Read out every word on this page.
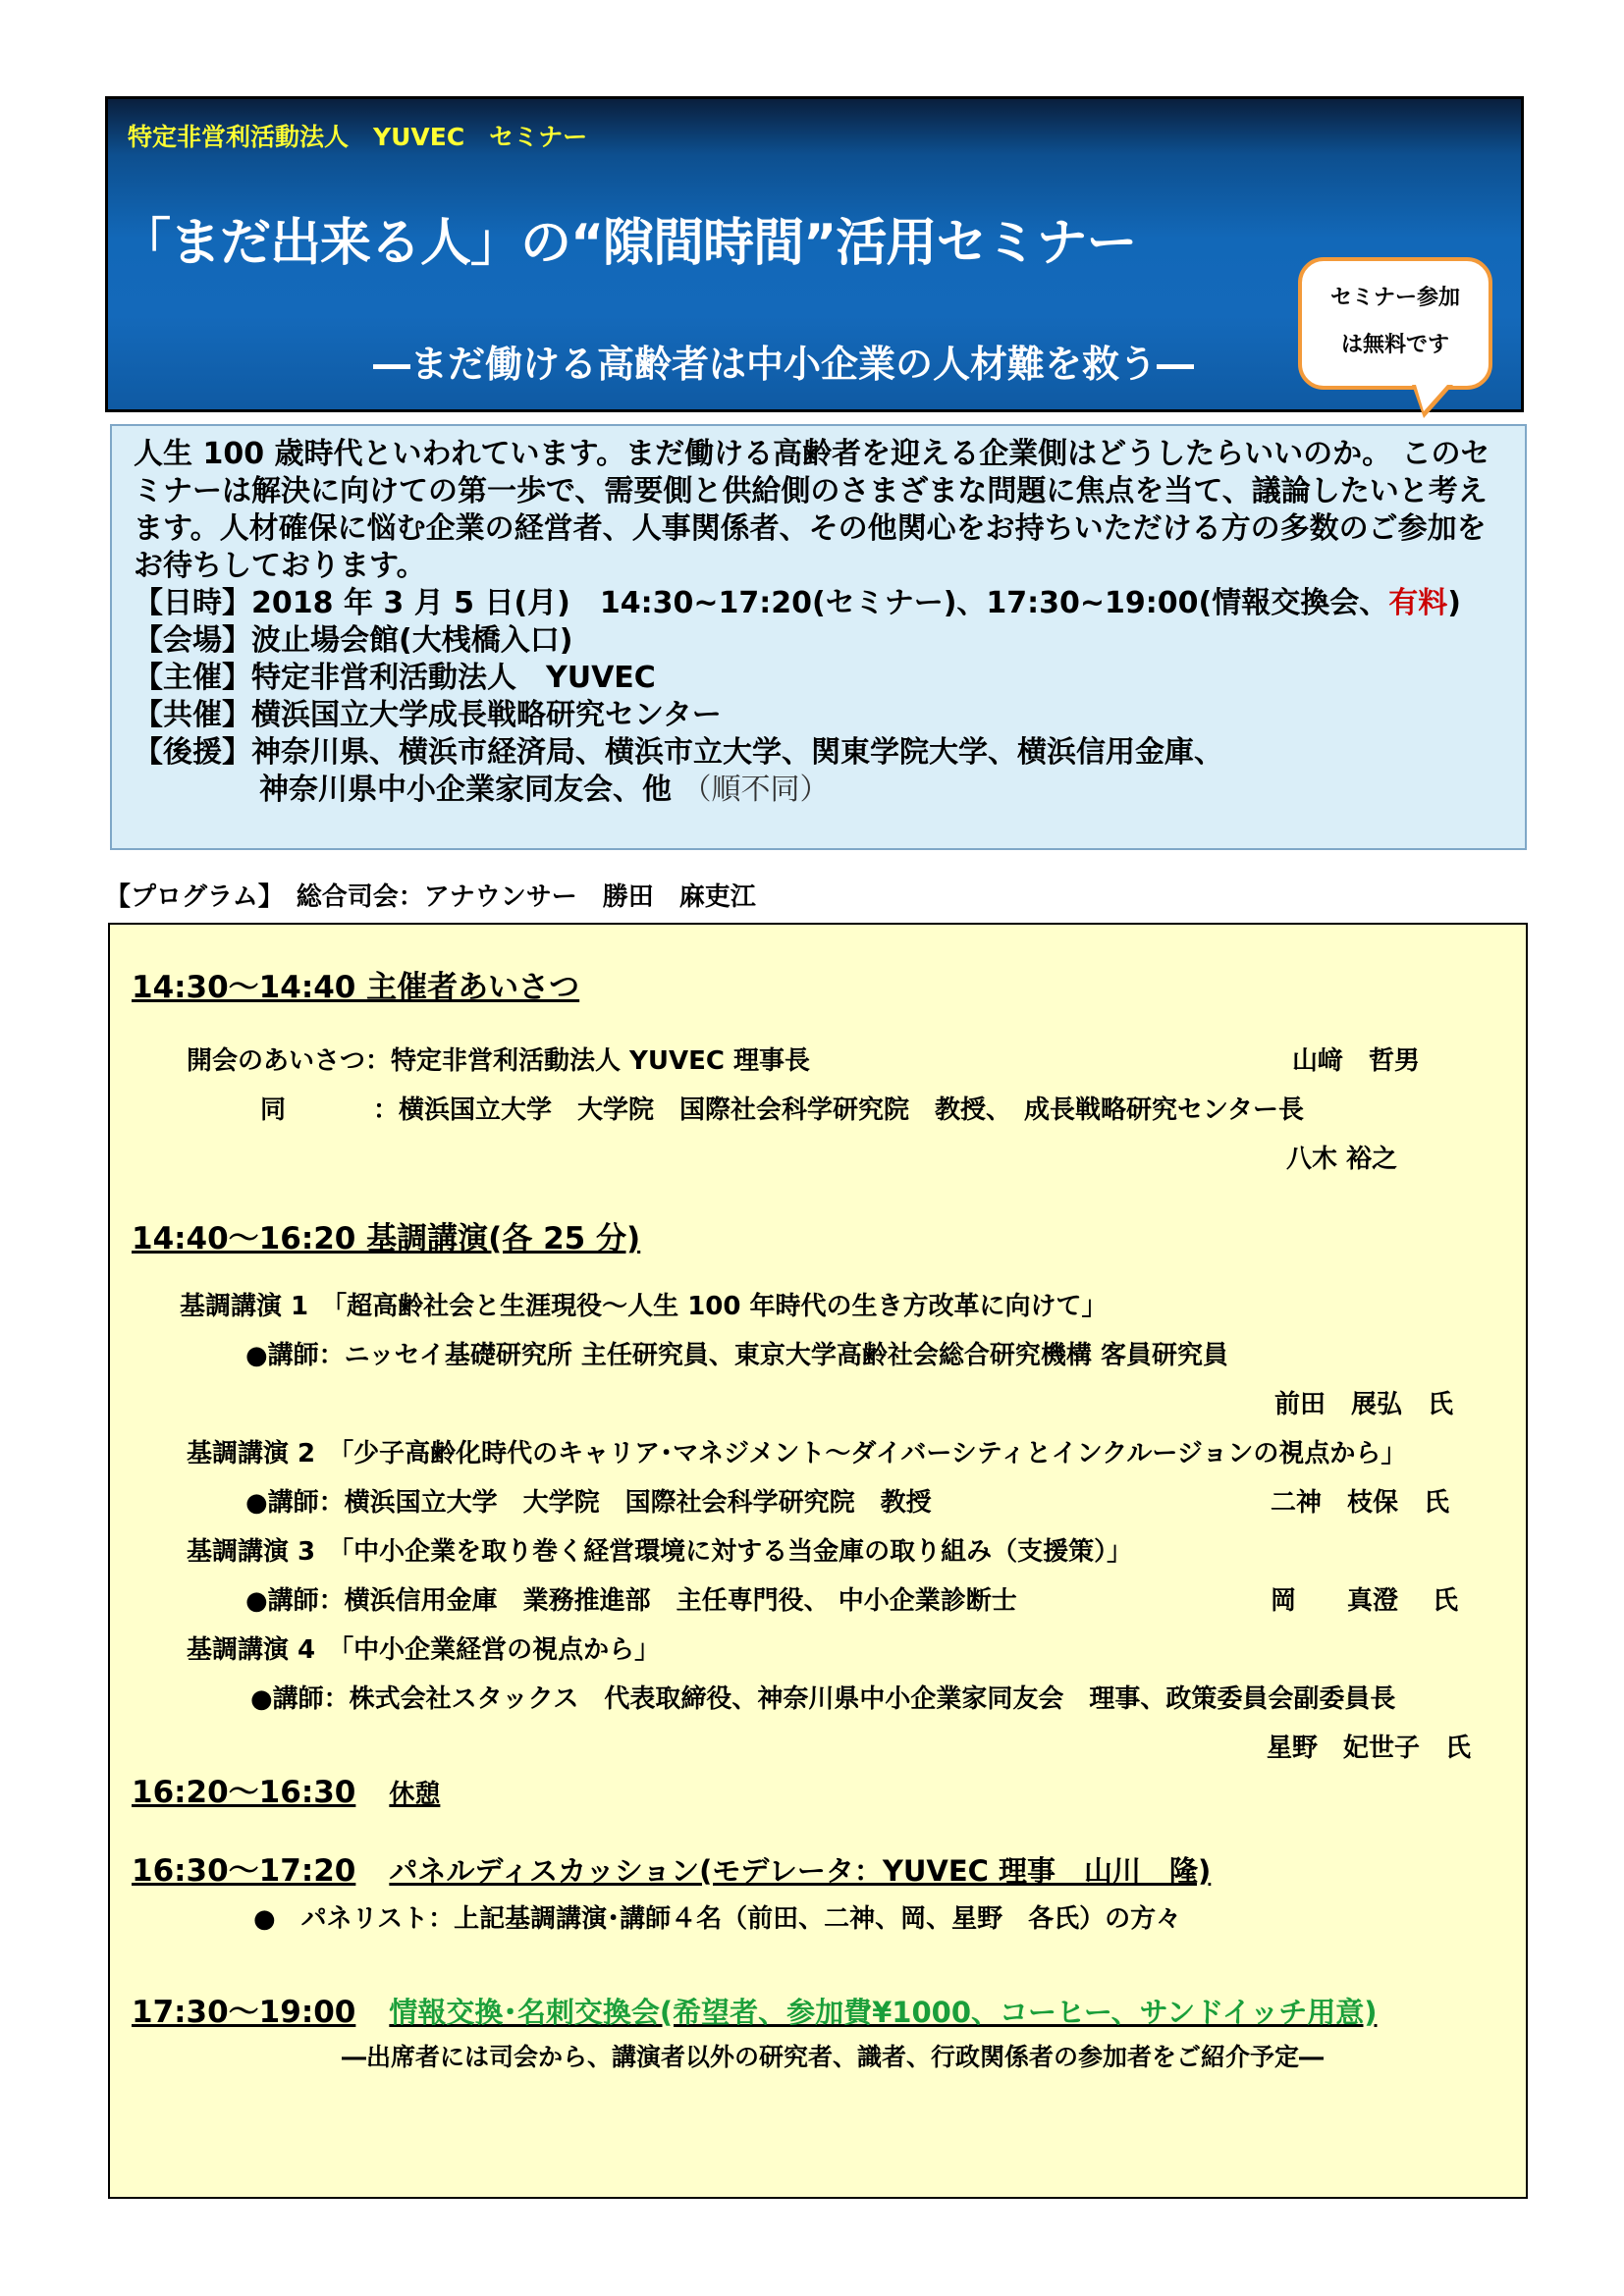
特定非営利活動法人　YUVEC　セミナー
「まだ出来る人」の“隙間時間”活用セミナー
―まだ働ける高齢者は中小企業の人材難を救う―
セミナー参加
は無料です

人生 100 歳時代といわれています。まだ働ける高齢者を迎える企業側はどうしたらいいのか。 このセミナーは解決に向けての第一歩で、需要側と供給側のさまざまな問題に焦点を当て、議論したいと考えます。人材確保に悩む企業の経営者、人事関係者、その他関心をお持ちいただける方の多数のご参加をお待ちしております。

【日時】2018 年 3 月 5 日(月)　14:30~17:20(セミナー)、17:30~19:00(情報交換会、有料)

【会場】波止場会館(大桟橋入口)

【主催】特定非営利活動法人　YUVEC

【共催】横浜国立大学成長戦略研究センター

【後援】神奈川県、横浜市経済局、横浜市立大学、関東学院大学、横浜信用金庫、

神奈川県中小企業家同友会、他 （順不同）

【プログラム】　総合司会：アナウンサー　勝田　麻吏江
14:30～14:40 主催者あいさつ
開会のあいさつ：特定非営利活動法人 YUVEC 理事長	山﨑　哲男
同	：横浜国立大学　大学院　国際社会科学研究院　教授、　成長戦略研究センター長
八木 裕之
14:40～16:20 基調講演(各 25 分)
基調講演 1　「超高齢社会と生涯現役～人生 100 年時代の生き方改革に向けて」
●講師：ニッセイ基礎研究所 主任研究員、東京大学高齢社会総合研究機構 客員研究員
前田　展弘　氏
基調講演 2　「少子高齢化時代のキャリア･マネジメント～ダイバーシティとインクルージョンの視点から」
●講師：横浜国立大学　大学院　国際社会科学研究院　教授	二神　枝保　氏
基調講演 3　「中小企業を取り巻く経営環境に対する当金庫の取り組み（支援策）」
●講師：横浜信用金庫　業務推進部　主任専門役、 中小企業診断士	岡　　真澄　 氏
基調講演 4　「中小企業経営の視点から」
●講師：株式会社スタックス　代表取締役、神奈川県中小企業家同友会　理事、政策委員会副委員長
星野　妃世子　氏
16:20～16:30 休憩
16:30～17:20 パネルディスカッション(モデレータ：YUVEC 理事　山川　隆)
●　パネリスト：上記基調講演･講師４名（前田、二神、岡、星野　各氏）の方々
17:30～19:00 情報交換･名刺交換会(希望者、参加費¥1000、コーヒー、サンドイッチ用意)
―出席者には司会から、講演者以外の研究者、識者、行政関係者の参加者をご紹介予定―
